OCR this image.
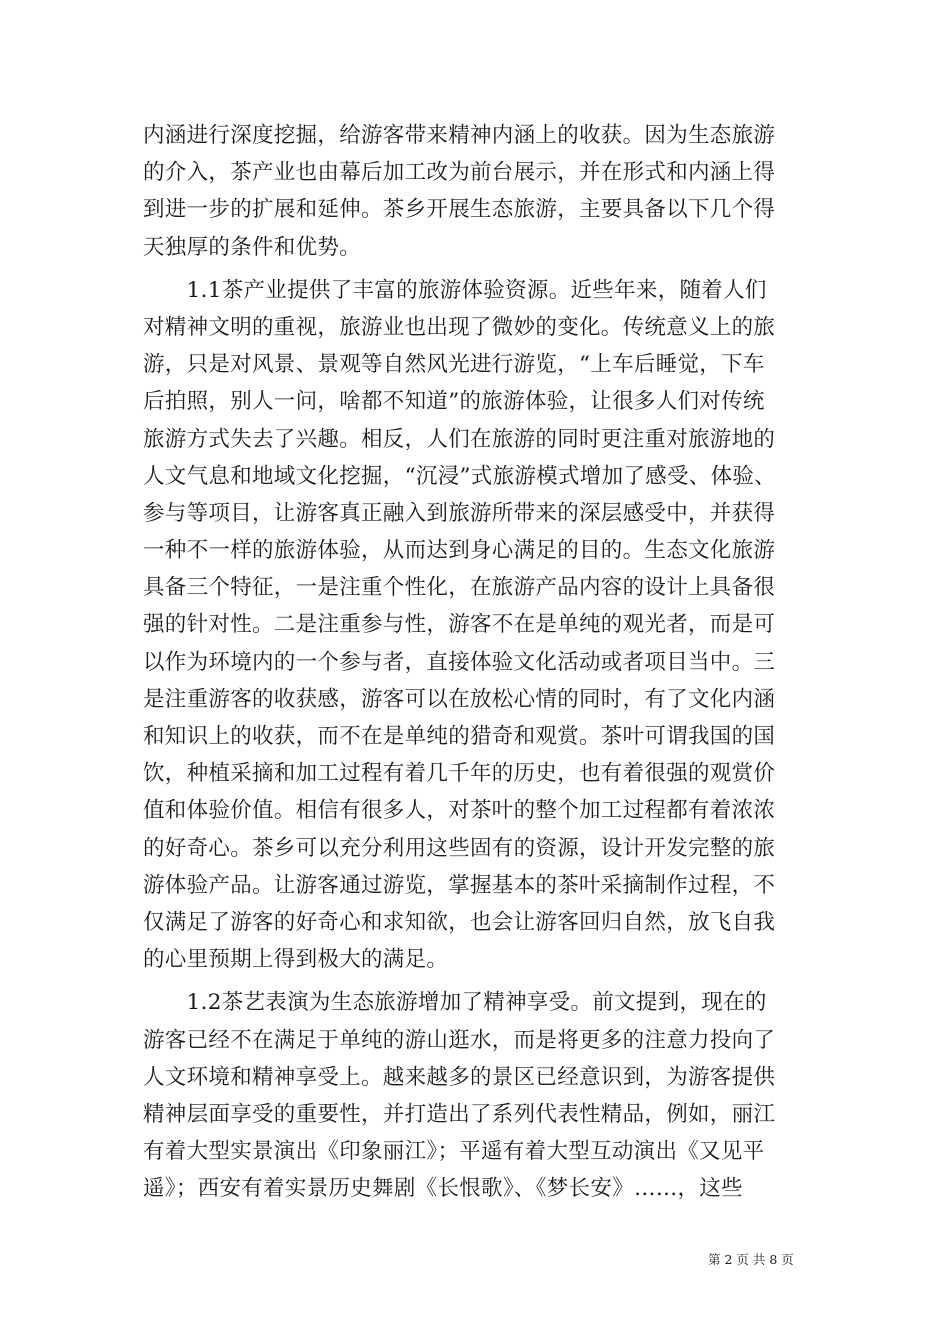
内涵进行深度挖掘，给游客带来精神内涵上的收获。因为生态旅游
的介入，茶产业也由幕后加工改为前台展示，并在形式和内涵上得
到进一步的扩展和延伸。茶乡开展生态旅游，主要具备以下几个得
天独厚的条件和优势。
　　1.1茶产业提供了丰富的旅游体验资源。近些年来，随着人们
对精神文明的重视，旅游业也出现了微妙的变化。传统意义上的旅
游，只是对风景、景观等自然风光进行游览，“上车后睡觉，下车
后拍照，别人一问，啥都不知道”的旅游体验，让很多人们对传统
旅游方式失去了兴趣。相反，人们在旅游的同时更注重对旅游地的
人文气息和地域文化挖掘，“沉浸”式旅游模式增加了感受、体验、
参与等项目，让游客真正融入到旅游所带来的深层感受中，并获得
一种不一样的旅游体验，从而达到身心满足的目的。生态文化旅游
具备三个特征，一是注重个性化，在旅游产品内容的设计上具备很
强的针对性。二是注重参与性，游客不在是单纯的观光者，而是可
以作为环境内的一个参与者，直接体验文化活动或者项目当中。三
是注重游客的收获感，游客可以在放松心情的同时，有了文化内涵
和知识上的收获，而不在是单纯的猎奇和观赏。茶叶可谓我国的国
饮，种植采摘和加工过程有着几千年的历史，也有着很强的观赏价
值和体验价值。相信有很多人，对茶叶的整个加工过程都有着浓浓
的好奇心。茶乡可以充分利用这些固有的资源，设计开发完整的旅
游体验产品。让游客通过游览，掌握基本的茶叶采摘制作过程，不
仅满足了游客的好奇心和求知欲，也会让游客回归自然，放飞自我
的心里预期上得到极大的满足。
　　1.2茶艺表演为生态旅游增加了精神享受。前文提到，现在的
游客已经不在满足于单纯的游山逛水，而是将更多的注意力投向了
人文环境和精神享受上。越来越多的景区已经意识到，为游客提供
精神层面享受的重要性，并打造出了系列代表性精品，例如，丽江
有着大型实景演出《印象丽江》；平遥有着大型互动演出《又见平
遥》；西安有着实景历史舞剧《长恨歌》、《梦长安》……，这些
第 2 页 共 8 页
